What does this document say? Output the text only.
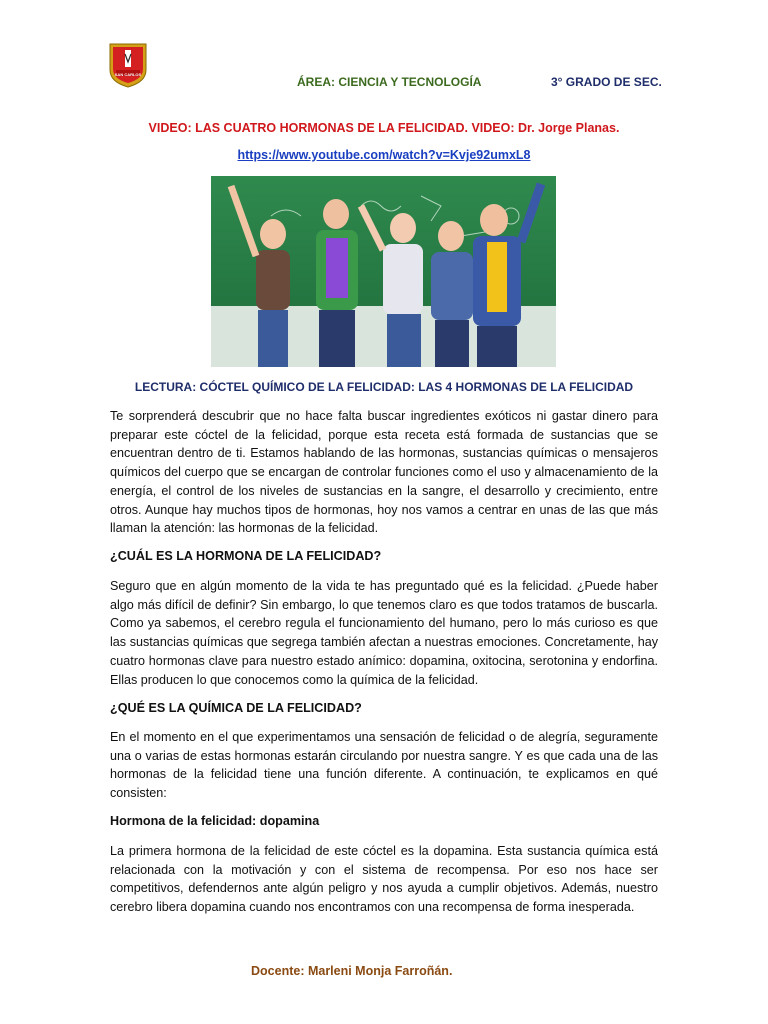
SAN CARLOS
ÁREA: CIENCIA Y TECNOLOGÍA	3° GRADO DE SEC.
VIDEO: LAS CUATRO HORMONAS DE LA FELICIDAD. VIDEO: Dr. Jorge Planas.
https://www.youtube.com/watch?v=Kvje92umxL8
LECTURA: CÓCTEL QUÍMICO DE LA FELICIDAD: LAS 4 HORMONAS DE LA FELICIDAD

Te sorprenderá descubrir que no hace falta buscar ingredientes exóticos ni gastar dinero para preparar este cóctel de la felicidad, porque esta receta está formada de sustancias que se encuentran dentro de ti. Estamos hablando de las hormonas, sustancias químicas o mensajeros químicos del cuerpo que se encargan de controlar funciones como el uso y almacenamiento de la energía, el control de los niveles de sustancias en la sangre, el desarrollo y crecimiento, entre otros. Aunque hay muchos tipos de hormonas, hoy nos vamos a centrar en unas de las que más llaman la atención: las hormonas de la felicidad.

¿CUÁL ES LA HORMONA DE LA FELICIDAD?

Seguro que en algún momento de la vida te has preguntado qué es la felicidad. ¿Puede haber algo más difícil de definir? Sin embargo, lo que tenemos claro es que todos tratamos de buscarla. Como ya sabemos, el cerebro regula el funcionamiento del humano, pero lo más curioso es que las sustancias químicas que segrega también afectan a nuestras emociones. Concretamente, hay cuatro hormonas clave para nuestro estado anímico: dopamina, oxitocina, serotonina y endorfina. Ellas producen lo que conocemos como la química de la felicidad.

¿QUÉ ES LA QUÍMICA DE LA FELICIDAD?

En el momento en el que experimentamos una sensación de felicidad o de alegría, seguramente una o varias de estas hormonas estarán circulando por nuestra sangre. Y es que cada una de las hormonas de la felicidad tiene una función diferente. A continuación, te explicamos en qué consisten:

Hormona de la felicidad: dopamina

La primera hormona de la felicidad de este cóctel es la dopamina. Esta sustancia química está relacionada con la motivación y con el sistema de recompensa. Por eso nos hace ser competitivos, defendernos ante algún peligro y nos ayuda a cumplir objetivos. Además, nuestro cerebro libera dopamina cuando nos encontramos con una recompensa de forma inesperada.

Docente: Marleni Monja Farroñán.
